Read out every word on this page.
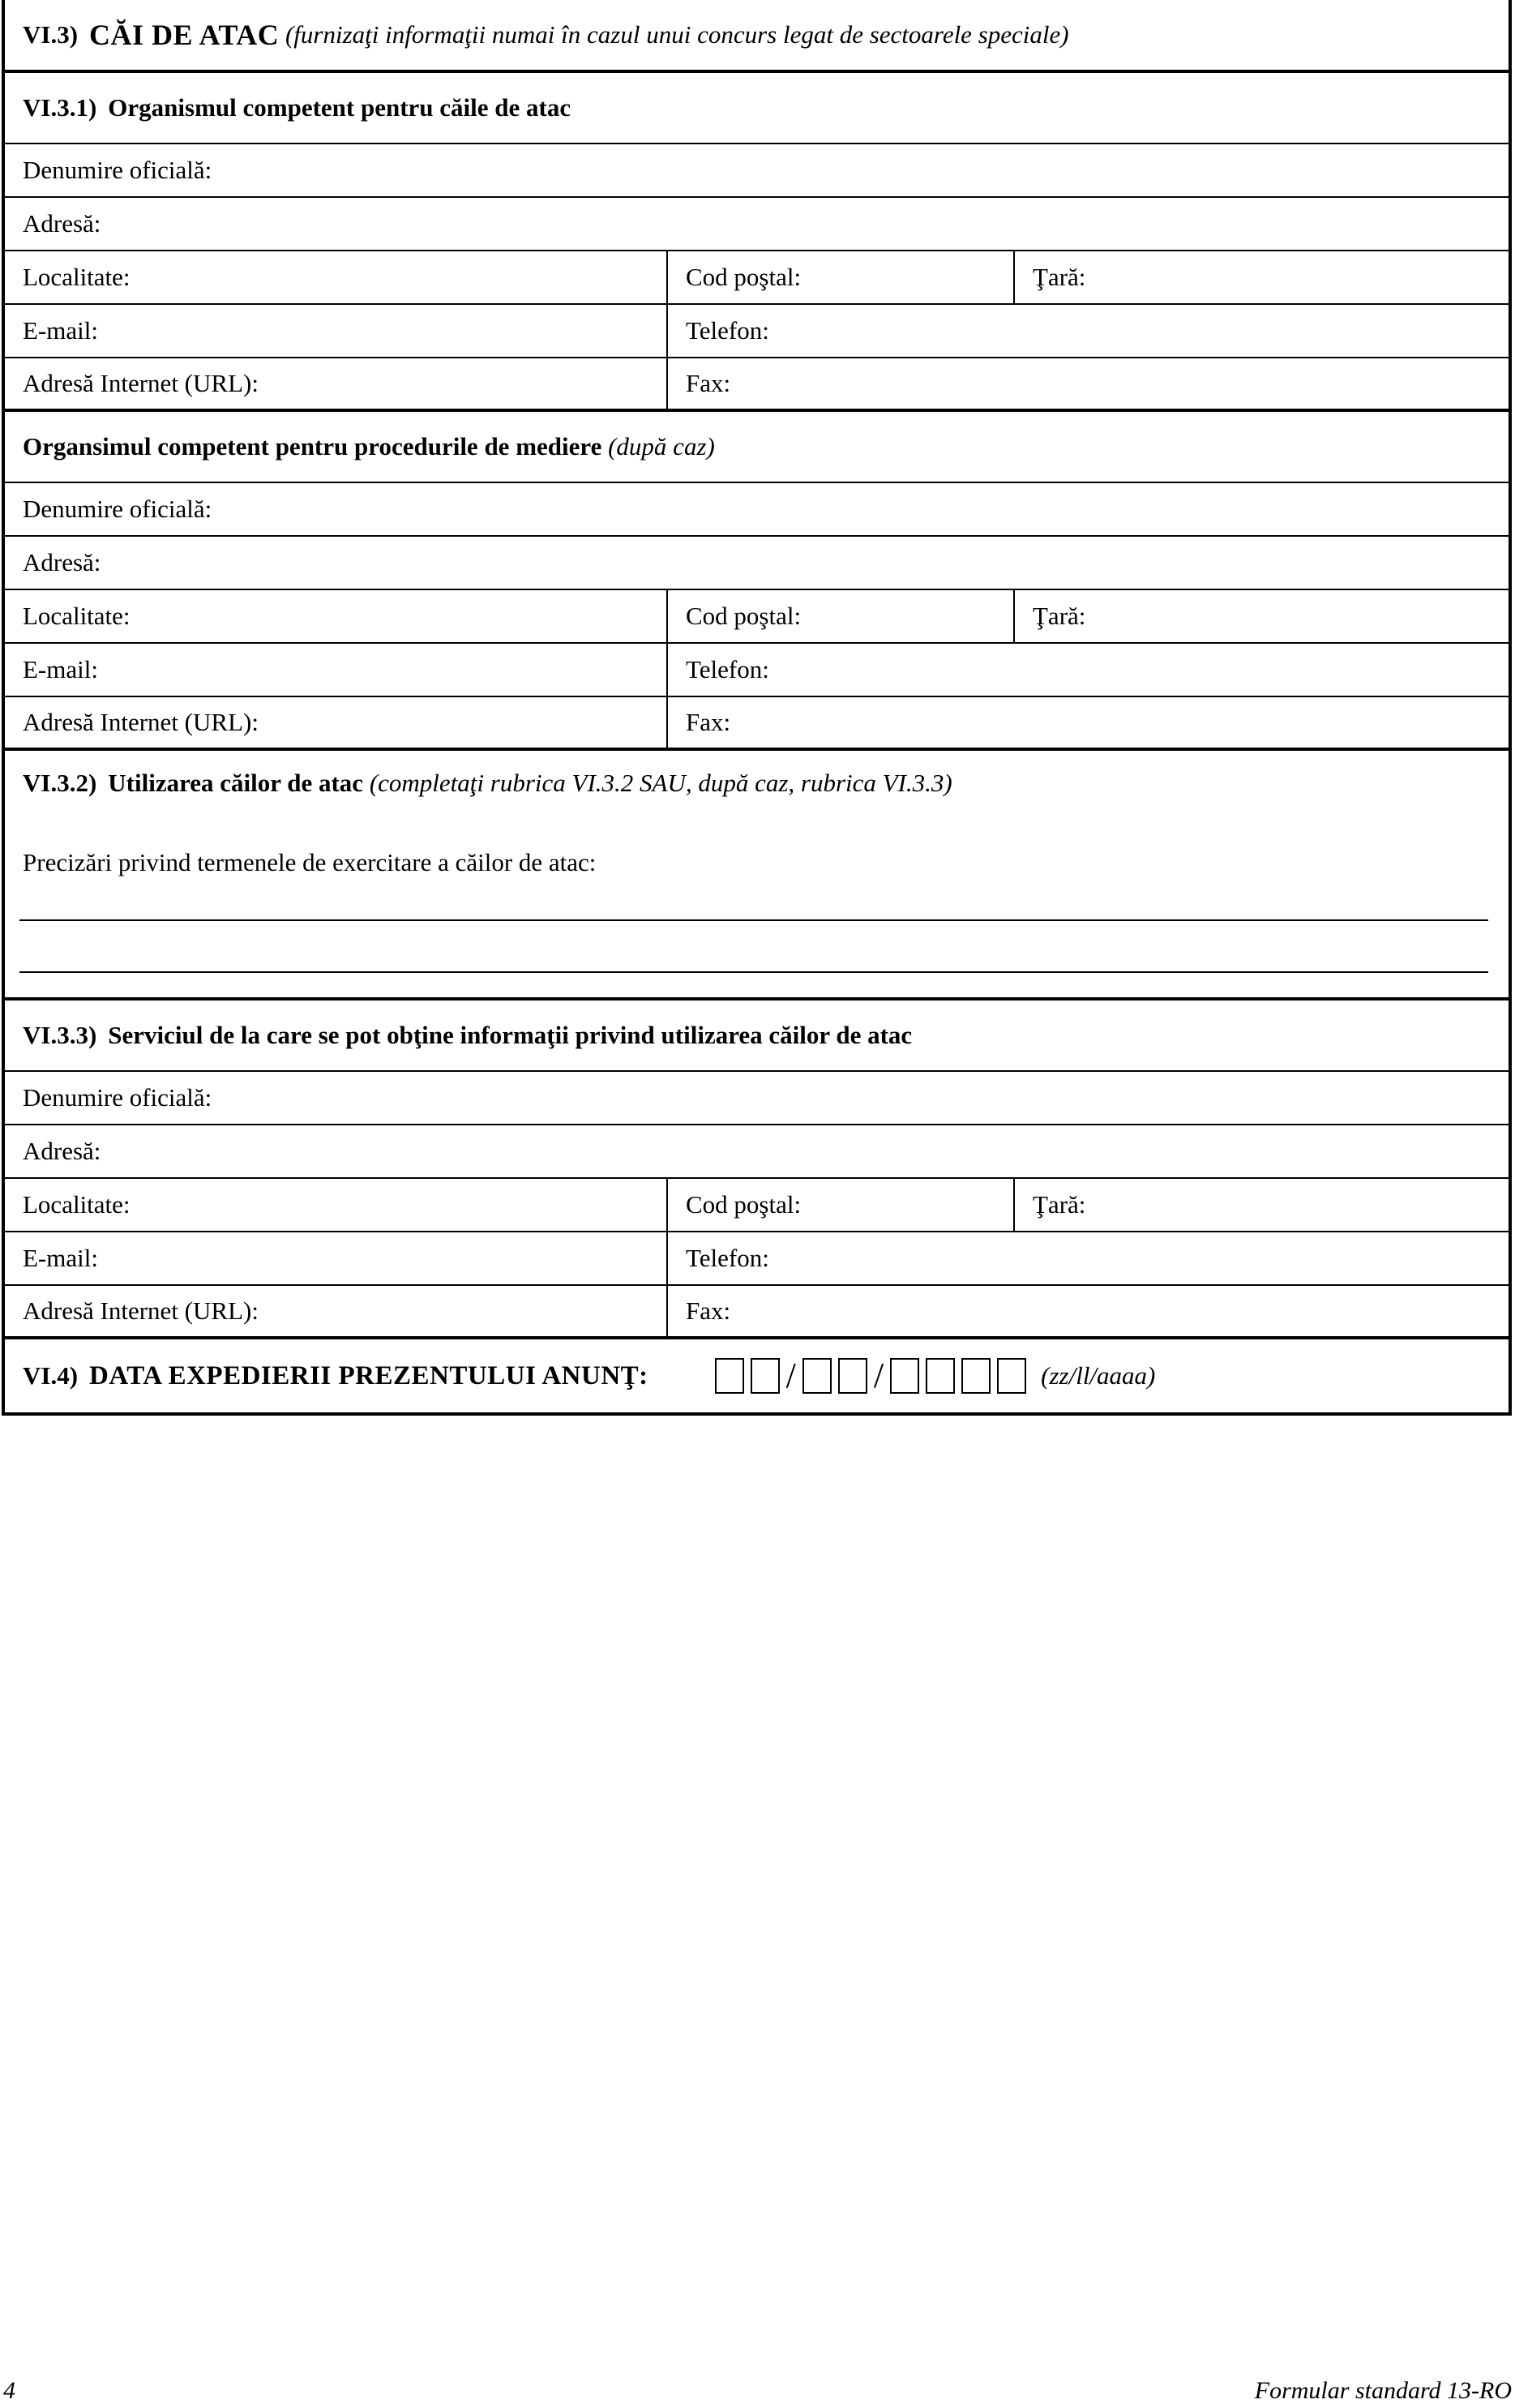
VI.3) CĂI DE ATAC
(furnizaţi informaţii numai în cazul unui concurs legat de sectoarele speciale)
VI.3.1) Organismul competent pentru căile de atac
Denumire oficială:
Adresă:
Localitate:	Cod poştal:	Ţară:
E-mail:	Telefon:
Adresă Internet (URL):	Fax:
Organsimul competent pentru procedurile de mediere
(după caz)
Denumire oficială:
Adresă:
Localitate:	Cod poştal:	Ţară:
E-mail:	Telefon:
Adresă Internet (URL):	Fax:
VI.3.2) Utilizarea căilor de atac (completaţi rubrica VI.3.2 SAU, după caz, rubrica VI.3.3)
Precizări privind termenele de exercitare a căilor de atac:
VI.3.3) Serviciul de la care se pot obţine informaţii privind utilizarea căilor de atac
Denumire oficială:
Adresă:
Localitate:	Cod poştal:	Ţară:
E-mail:	Telefon:
Adresă Internet (URL):	Fax:
VI.4) DATA EXPEDIERII PREZENTULUI ANUNŢ:	/ /	(zz/ll/aaaa)
4	Formular standard 13-RO
